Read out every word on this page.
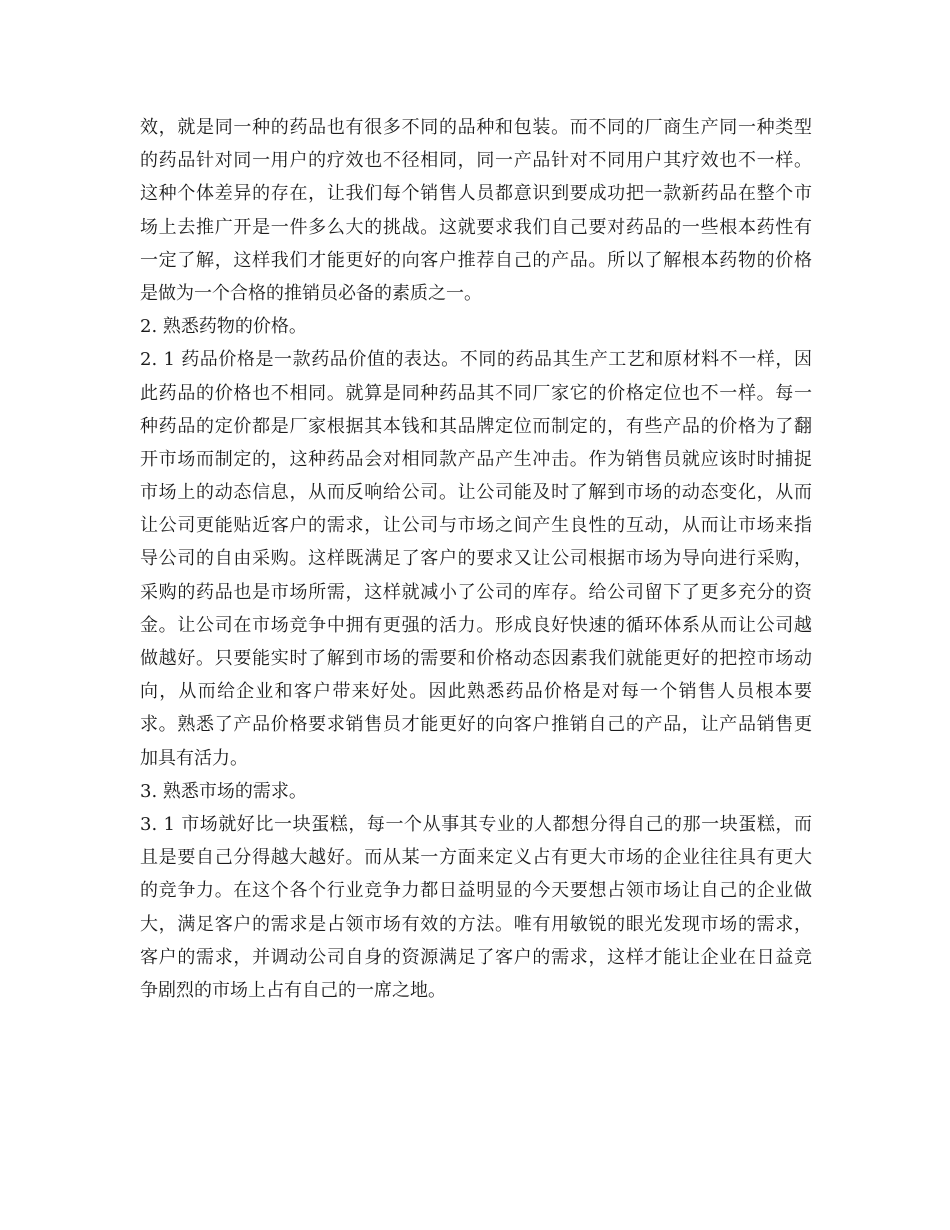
效，就是同一种的药品也有很多不同的品种和包装。而不同的厂商生产同一种类型
的药品针对同一用户的疗效也不径相同，同一产品针对不同用户其疗效也不一样。
这种个体差异的存在，让我们每个销售人员都意识到要成功把一款新药品在整个市
场上去推广开是一件多么大的挑战。这就要求我们自己要对药品的一些根本药性有
一定了解，这样我们才能更好的向客户推荐自己的产品。所以了解根本药物的价格
是做为一个合格的推销员必备的素质之一。
2. 熟悉药物的价格。
2. 1 药品价格是一款药品价值的表达。不同的药品其生产工艺和原材料不一样，因
此药品的价格也不相同。就算是同种药品其不同厂家它的价格定位也不一样。每一
种药品的定价都是厂家根据其本钱和其品牌定位而制定的，有些产品的价格为了翻
开市场而制定的，这种药品会对相同款产品产生冲击。作为销售员就应该时时捕捉
市场上的动态信息，从而反响给公司。让公司能及时了解到市场的动态变化，从而
让公司更能贴近客户的需求，让公司与市场之间产生良性的互动，从而让市场来指
导公司的自由采购。这样既满足了客户的要求又让公司根据市场为导向进行采购，
采购的药品也是市场所需，这样就减小了公司的库存。给公司留下了更多充分的资
金。让公司在市场竞争中拥有更强的活力。形成良好快速的循环体系从而让公司越
做越好。只要能实时了解到市场的需要和价格动态因素我们就能更好的把控市场动
向，从而给企业和客户带来好处。因此熟悉药品价格是对每一个销售人员根本要
求。熟悉了产品价格要求销售员才能更好的向客户推销自己的产品，让产品销售更
加具有活力。
3. 熟悉市场的需求。
3. 1 市场就好比一块蛋糕，每一个从事其专业的人都想分得自己的那一块蛋糕，而
且是要自己分得越大越好。而从某一方面来定义占有更大市场的企业往往具有更大
的竞争力。在这个各个行业竞争力都日益明显的今天要想占领市场让自己的企业做
大，满足客户的需求是占领市场有效的方法。唯有用敏锐的眼光发现市场的需求，
客户的需求，并调动公司自身的资源满足了客户的需求，这样才能让企业在日益竞
争剧烈的市场上占有自己的一席之地。
